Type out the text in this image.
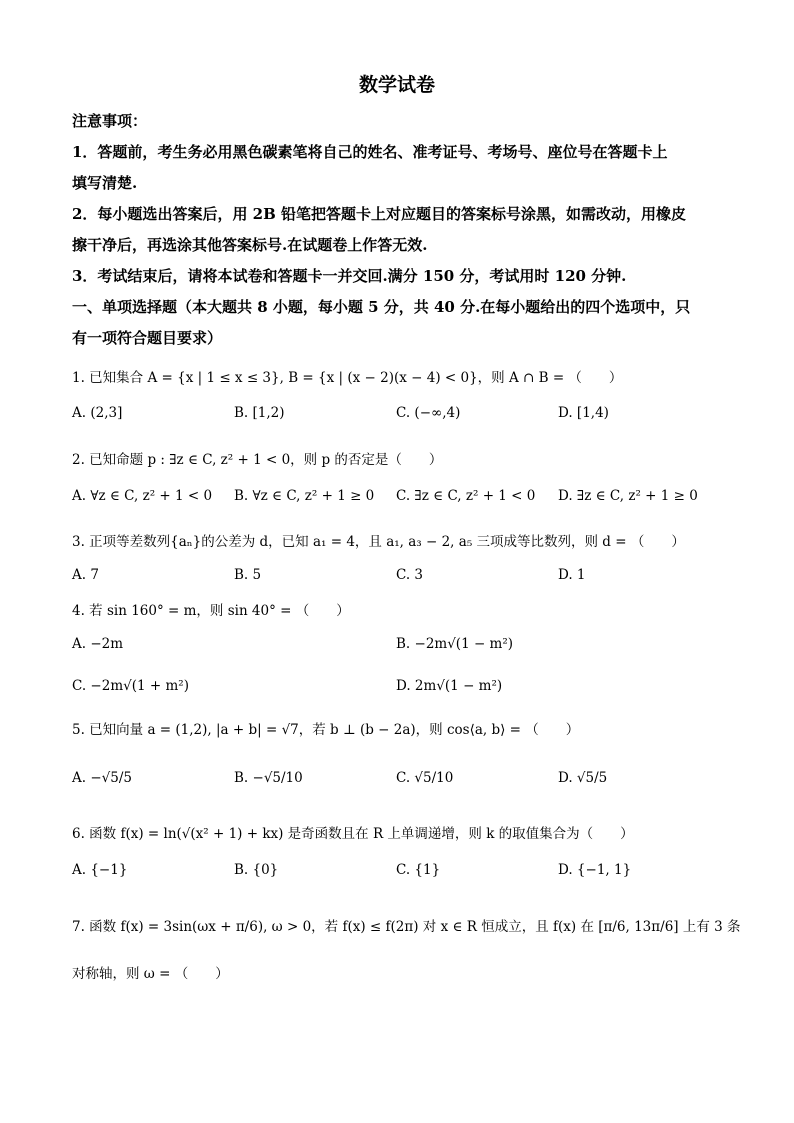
数学试卷
注意事项：
1．答题前，考生务必用黑色碳素笔将自己的姓名、准考证号、考场号、座位号在答题卡上
填写清楚.
2．每小题选出答案后，用 2B 铅笔把答题卡上对应题目的答案标号涂黑，如需改动，用橡皮
擦干净后，再选涂其他答案标号.在试题卷上作答无效.
3．考试结束后，请将本试卷和答题卡一并交回.满分 150 分，考试用时 120 分钟.
一、单项选择题（本大题共 8 小题，每小题 5 分，共 40 分.在每小题给出的四个选项中，只
有一项符合题目要求）
1. 已知集合 A = {x | 1 ≤ x ≤ 3}, B = {x | (x − 2)(x − 4) < 0}，则 A ∩ B = （　　）
A. (2,3]	B. [1,2)	C. (−∞,4)	D. [1,4)
2. 已知命题 p : ∃z ∈ C, z² + 1 < 0，则 p 的否定是（　　）
A. ∀z ∈ C, z² + 1 < 0 B. ∀z ∈ C, z² + 1 ≥ 0 C. ∃z ∈ C, z² + 1 < 0 D. ∃z ∈ C, z² + 1 ≥ 0
3. 正项等差数列{aₙ}的公差为 d，已知 a₁ = 4，且 a₁, a₃ − 2, a₅ 三项成等比数列，则 d = （　　）
A. 7	B. 5	C. 3	D. 1
4. 若 sin 160° = m，则 sin 40° = （　　）
A. −2m	B. −2m√(1 − m²)
C. −2m√(1 + m²)	D. 2m√(1 − m²)
5. 已知向量 a = (1,2), |a + b| = √7，若 b ⊥ (b − 2a)，则 cos⟨a, b⟩ = （　　）
A. −√5/5	B. −√5/10	C. √5/10	D. √5/5
6. 函数 f(x) = ln(√(x² + 1) + kx) 是奇函数且在 R 上单调递增，则 k 的取值集合为（　　）
A. {−1}	B. {0}	C. {1}	D. {−1, 1}
7. 函数 f(x) = 3sin(ωx + π/6), ω > 0，若 f(x) ≤ f(2π) 对 x ∈ R 恒成立，且 f(x) 在 [π/6, 13π/6] 上有 3 条
对称轴，则 ω = （　　）
